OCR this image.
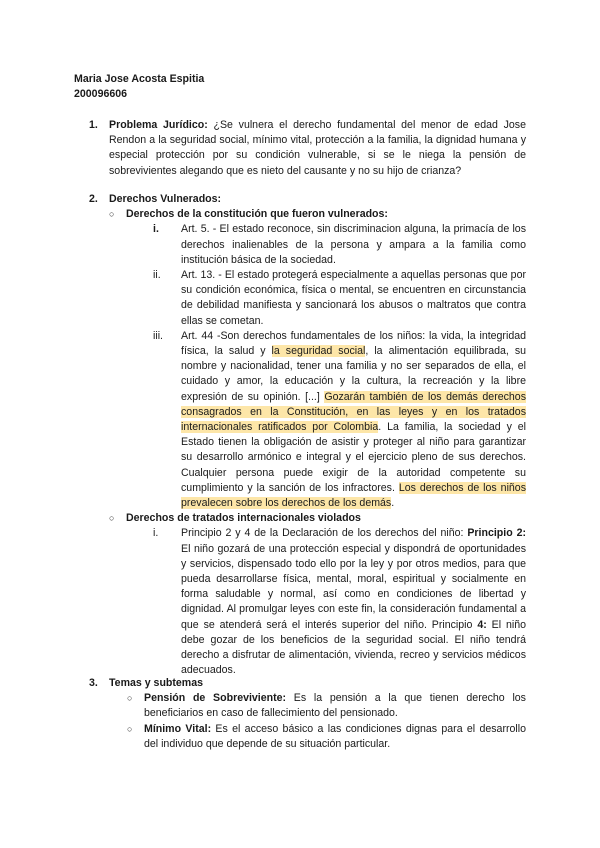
Maria Jose Acosta Espitia
200096606
1. Problema Jurídico: ¿Se vulnera el derecho fundamental del menor de edad Jose Rendon a la seguridad social, mínimo vital, protección a la familia, la dignidad humana y especial protección por su condición vulnerable, si se le niega la pensión de sobrevivientes alegando que es nieto del causante y no su hijo de crianza?
2. Derechos Vulnerados:
○ Derechos de la constitución que fueron vulnerados:
i. Art. 5. - El estado reconoce, sin discriminacion alguna, la primacía de los derechos inalienables de la persona y ampara a la familia como institución básica de la sociedad.
ii. Art. 13. - El estado protegerá especialmente a aquellas personas que por su condición económica, física o mental, se encuentren en circunstancia de debilidad manifiesta y sancionará los abusos o maltratos que contra ellas se cometan.
iii. Art. 44 -Son derechos fundamentales de los niños: la vida, la integridad física, la salud y la seguridad social, la alimentación equilibrada, su nombre y nacionalidad, tener una familia y no ser separados de ella, el cuidado y amor, la educación y la cultura, la recreación y la libre expresión de su opinión. [...] Gozarán también de los demás derechos consagrados en la Constitución, en las leyes y en los tratados internacionales ratificados por Colombia. La familia, la sociedad y el Estado tienen la obligación de asistir y proteger al niño para garantizar su desarrollo armónico e integral y el ejercicio pleno de sus derechos. Cualquier persona puede exigir de la autoridad competente su cumplimiento y la sanción de los infractores. Los derechos de los niños prevalecen sobre los derechos de los demás.
○ Derechos de tratados internacionales violados
i. Principio 2 y 4 de la Declaración de los derechos del niño: Principio 2: El niño gozará de una protección especial y dispondrá de oportunidades y servicios, dispensado todo ello por la ley y por otros medios, para que pueda desarrollarse física, mental, moral, espiritual y socialmente en forma saludable y normal, así como en condiciones de libertad y dignidad. Al promulgar leyes con este fin, la consideración fundamental a que se atenderá será el interés superior del niño. Principio 4: El niño debe gozar de los beneficios de la seguridad social. El niño tendrá derecho a disfrutar de alimentación, vivienda, recreo y servicios médicos adecuados.
3. Temas y subtemas
○ Pensión de Sobreviviente: Es la pensión a la que tienen derecho los beneficiarios en caso de fallecimiento del pensionado.
○ Mínimo Vital: Es el acceso básico a las condiciones dignas para el desarrollo del individuo que depende de su situación particular.
